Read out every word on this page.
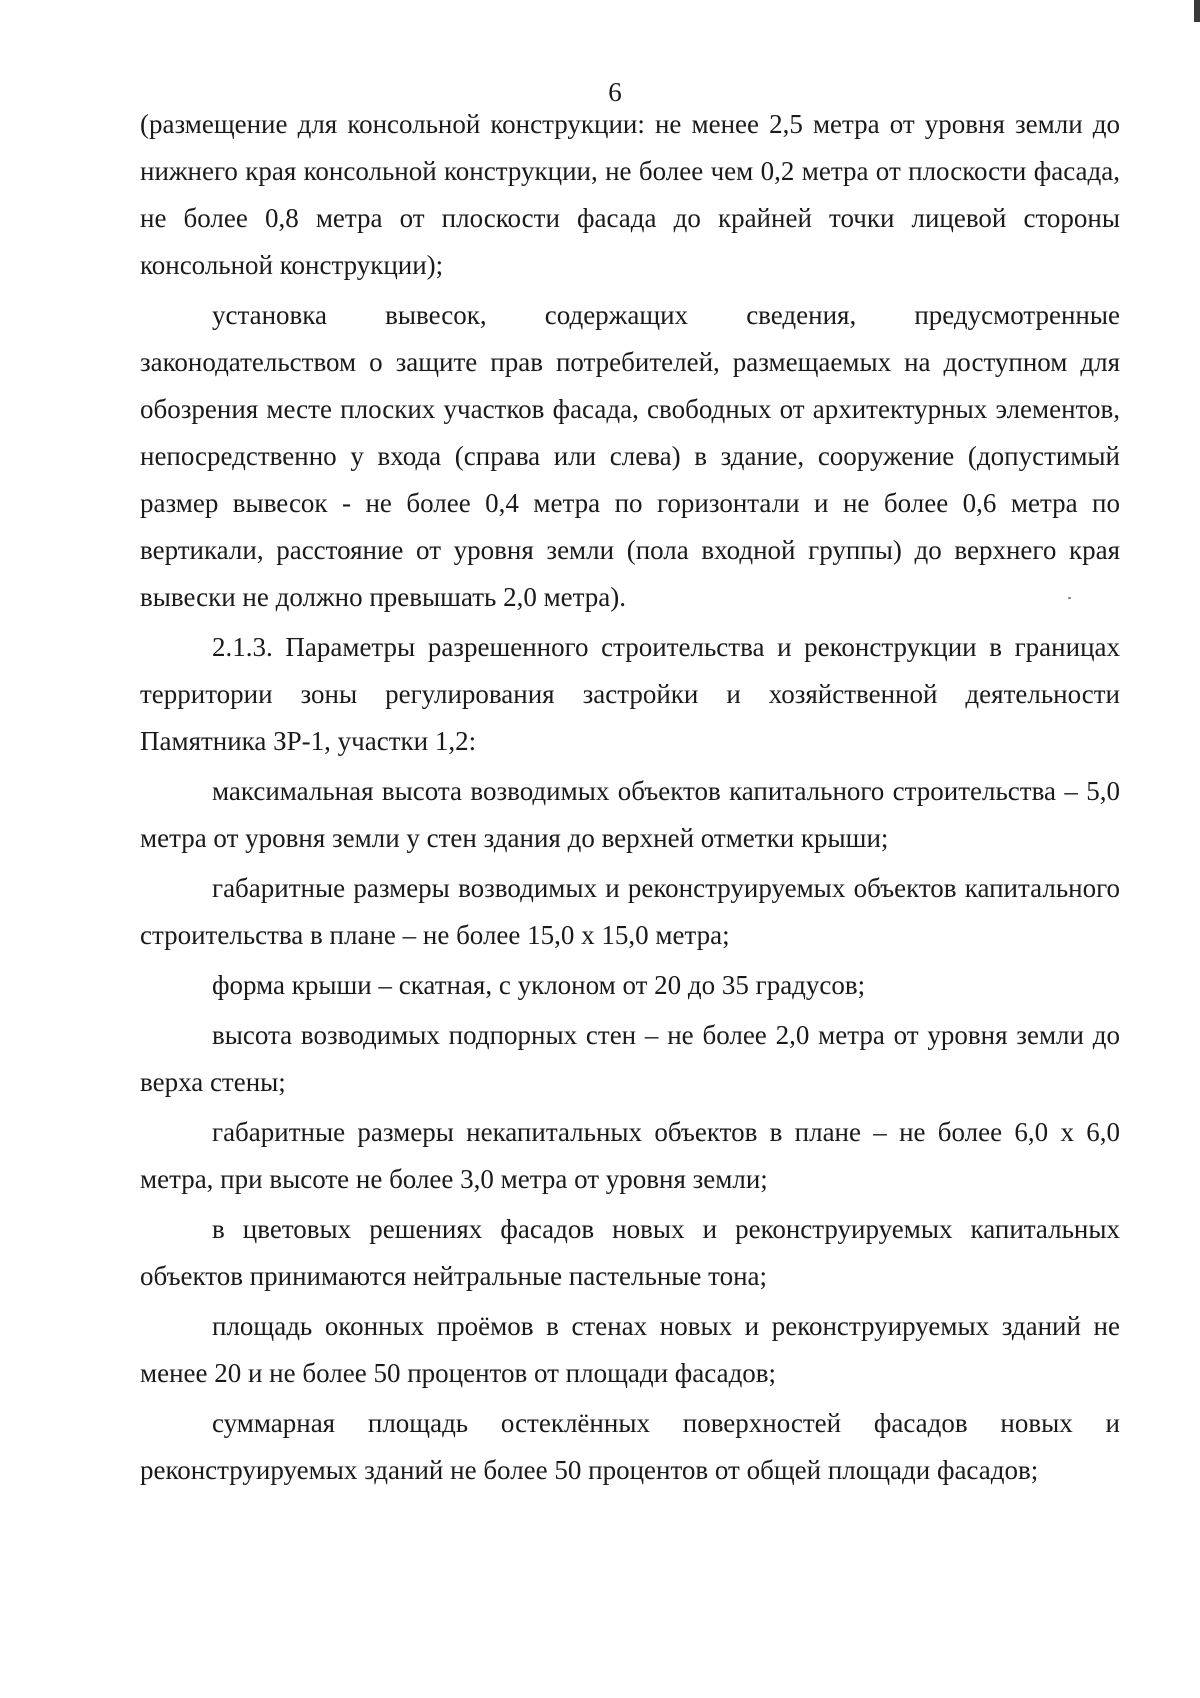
6

(размещение для консольной конструкции: не менее 2,5 метра от уровня земли до нижнего края консольной конструкции, не более чем 0,2 метра от плоскости фасада, не более 0,8 метра от плоскости фасада до крайней точки лицевой стороны консольной конструкции);

установка вывесок, содержащих сведения, предусмотренные законодательством о защите прав потребителей, размещаемых на доступном для обозрения месте плоских участков фасада, свободных от архитектурных элементов, непосредственно у входа (справа или слева) в здание, сооружение (допустимый размер вывесок - не более 0,4 метра по горизонтали и не более 0,6 метра по вертикали, расстояние от уровня земли (пола входной группы) до верхнего края вывески не должно превышать 2,0 метра).

2.1.3. Параметры разрешенного строительства и реконструкции в границах территории зоны регулирования застройки и хозяйственной деятельности Памятника ЗР-1, участки 1,2:

максимальная высота возводимых объектов капитального строительства – 5,0 метра от уровня земли у стен здания до верхней отметки крыши;

габаритные размеры возводимых и реконструируемых объектов капитального строительства в плане – не более 15,0 х 15,0 метра;

форма крыши – скатная, с уклоном от 20 до 35 градусов;

высота возводимых подпорных стен – не более 2,0 метра от уровня земли до верха стены;

габаритные размеры некапитальных объектов в плане – не более 6,0 х 6,0 метра, при высоте не более 3,0 метра от уровня земли;

в цветовых решениях фасадов новых и реконструируемых капитальных объектов принимаются нейтральные пастельные тона;

площадь оконных проёмов в стенах новых и реконструируемых зданий не менее 20 и не более 50 процентов от площади фасадов;

суммарная площадь остеклённых поверхностей фасадов новых и реконструируемых зданий не более 50 процентов от общей площади фасадов;
